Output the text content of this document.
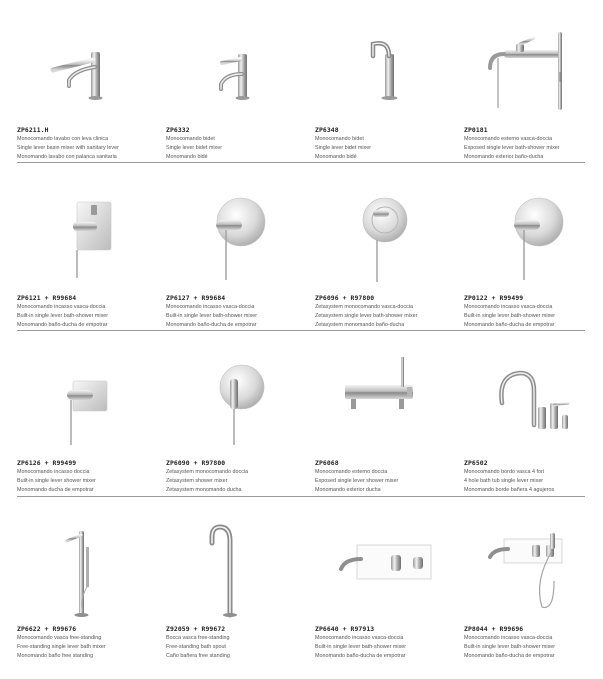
ZP6211.H
Monocomando lavabo con leva clinica
Single lever basin mixer with sanitary lever
Monomando lavabo con palanca sanitaria
ZP6332
Monocomando bidet
Single lever bidet mixer
Monomando bidé
ZP6348
Monocomando bidet
Single lever bidet mixer
Monomando bidé
ZP0181
Monocomando esterno vasca-doccia
Exposed single lever bath-shower mixer
Monomando exterior baño-ducha
ZP6121 + R99684
Monocomando incasso vasca-doccia
Built-in single lever bath-shower mixer
Monomando baño-ducha de empotrar
ZP6127 + R99684
Monocomando incasso vasca-doccia
Built-in single lever bath-shower mixer
Monomando baño-ducha de empotrar
ZP6096 + R97800
Zetasystem monocomando vasca-doccia
Zetasystem single lever bath-shower mixer
Zetasystem monomando baño-ducha
ZP0122 + R99499
Monocomando incasso vasca-doccia
Built-in single lever bath-shower mixer
Monomando baño-ducha de empotrar
ZP6126 + R99499
Monocomando incasso doccia
Built-in single lever shower mixer
Monomando ducha de empotrar
ZP6090 + R97800
Zetasystem monocomando doccia
Zetasystem shower mixer
Zetasystem monomando ducha
ZP6068
Monocomando esterno doccia
Exposed single lever shower mixer
Monomando exterior ducha
ZP6502
Monocomando bordo vasca 4 fori
4 hole bath tub single lever mixer
Monomando borde bañera 4 agujeros
ZP6622 + R99676
Monocomando vasca free-standing
Free-standing single lever bath mixer
Monomando baño free standing
Z92059 + R99672
Bocca vasca free-standing
Free-standing bath spout
Caño bañera free standing
ZP6640 + R97913
Monocomando incasso vasca-doccia
Built-in single lever bath-shower mixer
Monomando baño-ducha de empotrar
ZP8044 + R99696
Monocomando incasso vasca-doccia
Built-in single lever bath-shower mixer
Monomando baño-ducha de empotrar
